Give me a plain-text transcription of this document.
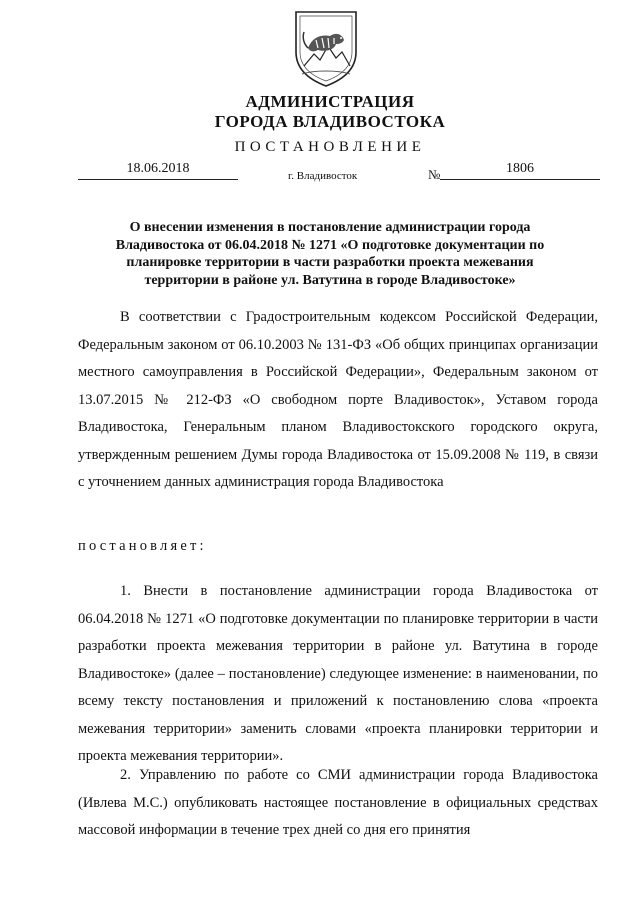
АДМИНИСТРАЦИЯ
ГОРОДА ВЛАДИВОСТОКА
ПОСТАНОВЛЕНИЕ
18.06.2018	г. Владивосток	№	1806
О внесении изменения в постановление администрации города Владивостока от 06.04.2018 № 1271 «О подготовке документации по планировке территории в части разработки проекта межевания территории в районе ул. Ватутина в городе Владивостоке»
В соответствии с Градостроительным кодексом Российской Федерации, Федеральным законом от 06.10.2003 № 131-ФЗ «Об общих принципах организации местного самоуправления в Российской Федерации», Федеральным законом от 13.07.2015 № 212-ФЗ «О свободном порте Владивосток», Уставом города Владивостока, Генеральным планом Владивостокского городского округа, утвержденным решением Думы города Владивостока от 15.09.2008 № 119, в связи с уточнением данных администрация города Владивостока
постановляет:
1. Внести в постановление администрации города Владивостока от 06.04.2018 № 1271 «О подготовке документации по планировке территории в части разработки проекта межевания территории в районе ул. Ватутина в городе Владивостоке» (далее – постановление) следующее изменение: в наименовании, по всему тексту постановления и приложений к постановлению слова «проекта межевания территории» заменить словами «проекта планировки территории и проекта межевания территории».
2. Управлению по работе со СМИ администрации города Владивостока (Ивлева М.С.) опубликовать настоящее постановление в официальных средствах массовой информации в течение трех дней со дня его принятия
